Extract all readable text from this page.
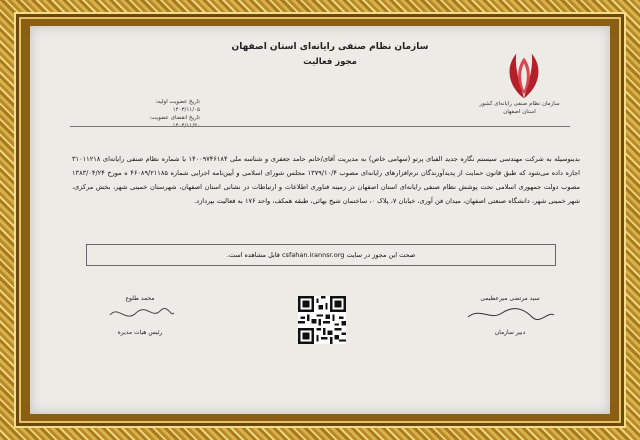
سازمان نظام صنفی رایانه‌ای استان اصفهان
مجوز فعالیت
سازمان نظام صنفی رایانه‌ای کشور
استان اصفهان
تاریخ عضویت اولیه: ۱۴۰۳/۱۱/۰۵
تاریخ انقضای عضویت:
بدینوسیله به شرکت مهندسی سیستم نگاره جدید الفبای پرتو (سهامی خاص) به مدیریت آقای/خانم حامد جعفری و شناسه ملی ۱۴۰۰۹۷۴۶۱۸۴ با شماره نظام صنفی رایانه‌ای ۳۱۰۱۱۲۱۸ اجازه داده می‌شود که طبق قانون حمایت از پدیدآورندگان نرم‌افزارهای رایانه‌ای مصوب ۱۳۷۹/۱۰/۴ مجلس شورای اسلامی و آیین‌نامه اجرایی شماره ۴۶۰۸۹/۲۱۱۸۵ ه مورخ ۱۳۸۳/۰۴/۲۴ مصوب دولت جمهوری اسلامی تحت پوشش نظام صنفی رایانه‌ای استان اصفهان در زمینه فناوری اطلاعات و ارتباطات در نشانی استان اصفهان، شهرستان خمینی شهر، بخش مرکزی، شهر خمینی شهر، دانشگاه صنعتی اصفهان، میدان فن آوری، خیابان ۷، پلاک ۰، ساختمان شیخ بهائی، طبقه همکف، واحد ۱۷۶ به فعالیت بپردازد.
صحت این مجوز در سایت csfahan.irannsr.org قابل مشاهده است.
سید مرتضی میرعظیمی
دبیر سازمان
محمد طلوع
رئیس هیات مدیره
